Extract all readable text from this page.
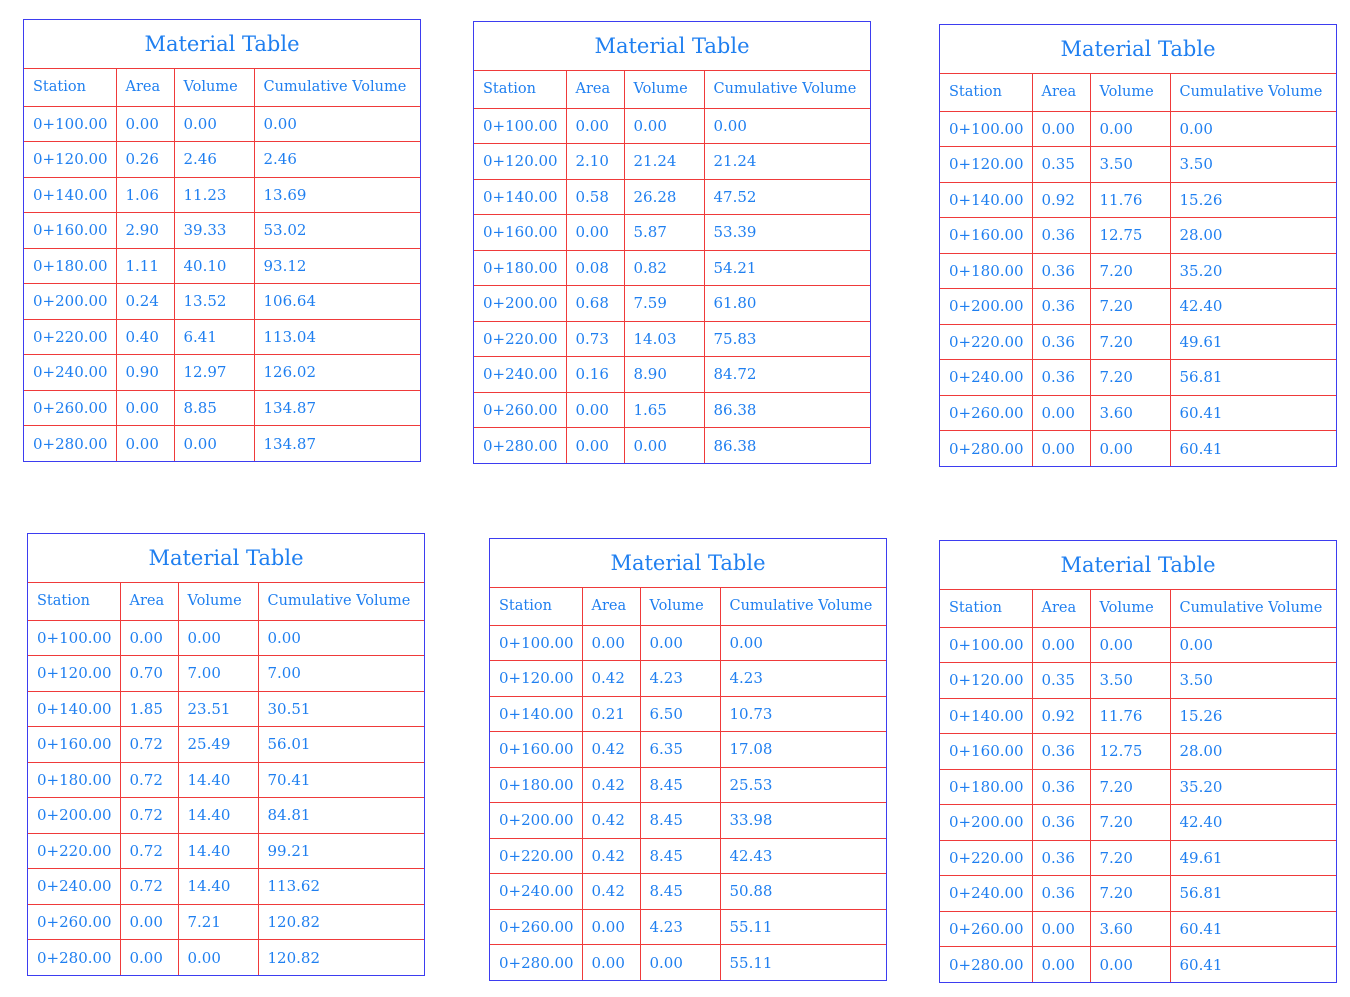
Material Table
Station	Area	Volume	Cumulative Volume
0+100.00	0.00	0.00	0.00
0+120.00	0.26	2.46	2.46
0+140.00	1.06	11.23	13.69
0+160.00	2.90	39.33	53.02
0+180.00	1.11	40.10	93.12
0+200.00	0.24	13.52	106.64
0+220.00	0.40	6.41	113.04
0+240.00	0.90	12.97	126.02
0+260.00	0.00	8.85	134.87
0+280.00	0.00	0.00	134.87
Material Table
Station	Area	Volume	Cumulative Volume
0+100.00	0.00	0.00	0.00
0+120.00	2.10	21.24	21.24
0+140.00	0.58	26.28	47.52
0+160.00	0.00	5.87	53.39
0+180.00	0.08	0.82	54.21
0+200.00	0.68	7.59	61.80
0+220.00	0.73	14.03	75.83
0+240.00	0.16	8.90	84.72
0+260.00	0.00	1.65	86.38
0+280.00	0.00	0.00	86.38
Material Table
Station	Area	Volume	Cumulative Volume
0+100.00	0.00	0.00	0.00
0+120.00	0.35	3.50	3.50
0+140.00	0.92	11.76	15.26
0+160.00	0.36	12.75	28.00
0+180.00	0.36	7.20	35.20
0+200.00	0.36	7.20	42.40
0+220.00	0.36	7.20	49.61
0+240.00	0.36	7.20	56.81
0+260.00	0.00	3.60	60.41
0+280.00	0.00	0.00	60.41
Material Table
Station	Area	Volume	Cumulative Volume
0+100.00	0.00	0.00	0.00
0+120.00	0.70	7.00	7.00
0+140.00	1.85	23.51	30.51
0+160.00	0.72	25.49	56.01
0+180.00	0.72	14.40	70.41
0+200.00	0.72	14.40	84.81
0+220.00	0.72	14.40	99.21
0+240.00	0.72	14.40	113.62
0+260.00	0.00	7.21	120.82
0+280.00	0.00	0.00	120.82
Material Table
Station	Area	Volume	Cumulative Volume
0+100.00	0.00	0.00	0.00
0+120.00	0.42	4.23	4.23
0+140.00	0.21	6.50	10.73
0+160.00	0.42	6.35	17.08
0+180.00	0.42	8.45	25.53
0+200.00	0.42	8.45	33.98
0+220.00	0.42	8.45	42.43
0+240.00	0.42	8.45	50.88
0+260.00	0.00	4.23	55.11
0+280.00	0.00	0.00	55.11
Material Table
Station	Area	Volume	Cumulative Volume
0+100.00	0.00	0.00	0.00
0+120.00	0.35	3.50	3.50
0+140.00	0.92	11.76	15.26
0+160.00	0.36	12.75	28.00
0+180.00	0.36	7.20	35.20
0+200.00	0.36	7.20	42.40
0+220.00	0.36	7.20	49.61
0+240.00	0.36	7.20	56.81
0+260.00	0.00	3.60	60.41
0+280.00	0.00	0.00	60.41
